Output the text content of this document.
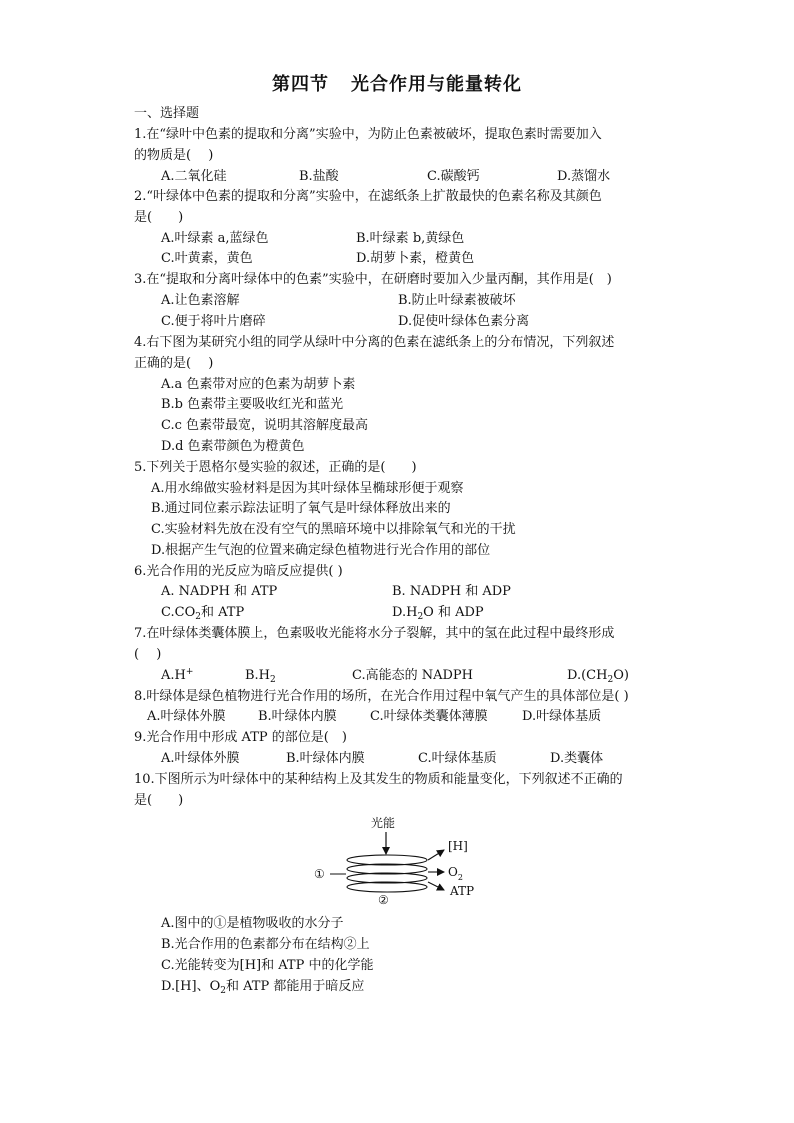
第四节 光合作用与能量转化
一、选择题
1.在“绿叶中色素的提取和分离”实验中，为防止色素被破坏，提取色素时需要加入
的物质是(　 )
A.二氧化硅	B.盐酸	C.碳酸钙	D.蒸馏水
2.“叶绿体中色素的提取和分离”实验中，在滤纸条上扩散最快的色素名称及其颜色
是(　　)
A.叶绿素 a,蓝绿色	B.叶绿素 b,黄绿色
C.叶黄素，黄色	D.胡萝卜素，橙黄色
3.在“提取和分离叶绿体中的色素”实验中，在研磨时要加入少量丙酮，其作用是(　)
A.让色素溶解	B.防止叶绿素被破坏
C.便于将叶片磨碎	D.促使叶绿体色素分离
4.右下图为某研究小组的同学从绿叶中分离的色素在滤纸条上的分布情况，下列叙述
正确的是(　 )
A.a 色素带对应的色素为胡萝卜素
B.b 色素带主要吸收红光和蓝光
C.c 色素带最宽，说明其溶解度最高
D.d 色素带颜色为橙黄色
5.下列关于恩格尔曼实验的叙述，正确的是(　　)
A.用水绵做实验材料是因为其叶绿体呈椭球形便于观察
B.通过同位素示踪法证明了氧气是叶绿体释放出来的
C.实验材料先放在没有空气的黑暗环境中以排除氧气和光的干扰
D.根据产生气泡的位置来确定绿色植物进行光合作用的部位
6.光合作用的光反应为暗反应提供( )
A. NADPH 和 ATP	B. NADPH 和 ADP
$C.CO_2$和 ATP	$D.H_2O$ 和 ADP
7.在叶绿体类囊体膜上，色素吸收光能将水分子裂解，其中的氢在此过程中最终形成
(　 )
A.H+	$B.H_2$	C.高能态的 NADPH	$D.(CH_2O)$
8.叶绿体是绿色植物进行光合作用的场所，在光合作用过程中氧气产生的具体部位是( )
A.叶绿体外膜 B.叶绿体内膜	C.叶绿体类囊体薄膜	D.叶绿体基质
9.光合作用中形成 ATP 的部位是(　)
A.叶绿体外膜	B.叶绿体内膜	C.叶绿体基质	D.类囊体
10.下图所示为叶绿体中的某种结构上及其发生的物质和能量变化，下列叙述不正确的
是(　　)
光能
[H]
$O_2$
ATP
①
②
A.图中的①是植物吸收的水分子
B.光合作用的色素都分布在结构②上
C.光能转变为[H]和 ATP 中的化学能
D.[H]、$O_2$和 ATP 都能用于暗反应
